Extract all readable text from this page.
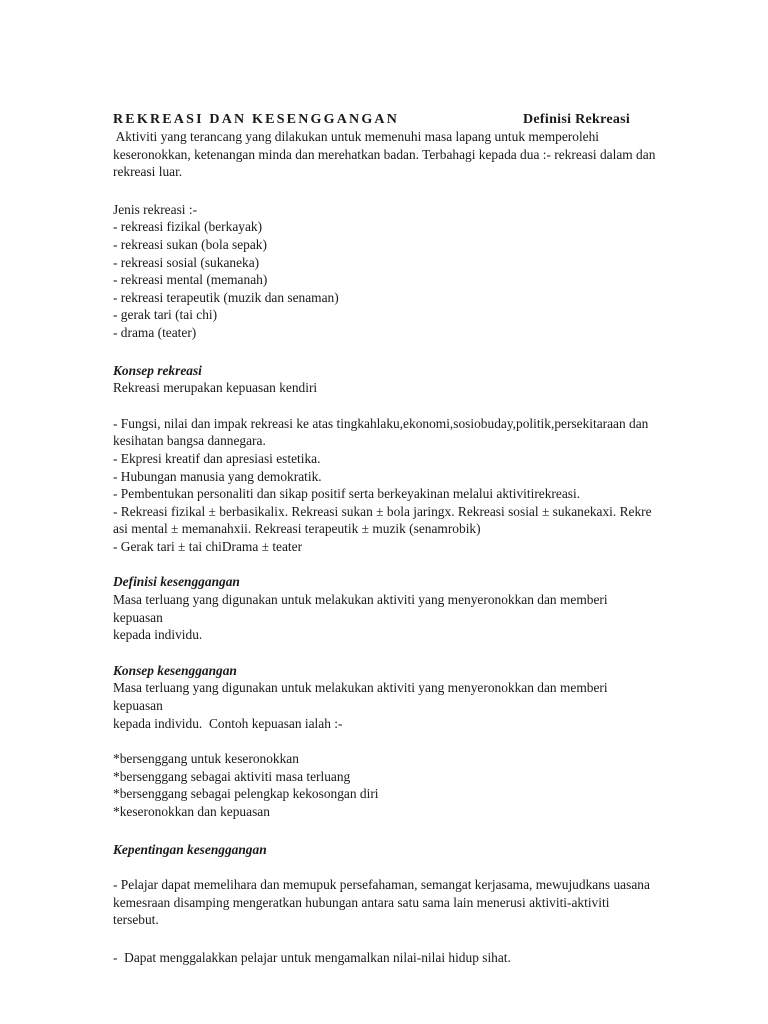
REKREASI DAN KESENGGANGAN	Definisi Rekreasi

Aktiviti yang terancang yang dilakukan untuk memenuhi masa lapang untuk memperolehi

keseronokkan, ketenangan minda dan merehatkan badan. Terbahagi kepada dua :- rekreasi dalam dan

rekreasi luar.

Jenis rekreasi :-

- rekreasi fizikal (berkayak)

- rekreasi sukan (bola sepak)

- rekreasi sosial (sukaneka)

- rekreasi mental (memanah)

- rekreasi terapeutik (muzik dan senaman)

- gerak tari (tai chi)

- drama (teater)

Konsep rekreasi

Rekreasi merupakan kepuasan kendiri

- Fungsi, nilai dan impak rekreasi ke atas tingkahlaku,ekonomi,sosiobuday,politik,persekitaraan dan

kesihatan bangsa dannegara.

- Ekpresi kreatif dan apresiasi estetika.

- Hubungan manusia yang demokratik.

- Pembentukan personaliti dan sikap positif serta berkeyakinan melalui aktivitirekreasi.

- Rekreasi fizikal ± berbasikalix. Rekreasi sukan ± bola jaringx. Rekreasi sosial ± sukanekaxi. Rekre

asi mental ± memanahxii. Rekreasi terapeutik ± muzik (senamrobik)

- Gerak tari ± tai chiDrama ± teater

Definisi kesenggangan

Masa terluang yang digunakan untuk melakukan aktiviti yang menyeronokkan dan memberi kepuasan

kepada individu.

Konsep kesenggangan

Masa terluang yang digunakan untuk melakukan aktiviti yang menyeronokkan dan memberi kepuasan

kepada individu.  Contoh kepuasan ialah :-

*bersenggang untuk keseronokkan

*bersenggang sebagai aktiviti masa terluang

*bersenggang sebagai pelengkap kekosongan diri

*keseronokkan dan kepuasan

Kepentingan kesenggangan

- Pelajar dapat memelihara dan memupuk persefahaman, semangat kerjasama, mewujudkans uasana

kemesraan disamping mengeratkan hubungan antara satu sama lain menerusi aktiviti-aktiviti tersebut.

-  Dapat menggalakkan pelajar untuk mengamalkan nilai-nilai hidup sihat.
